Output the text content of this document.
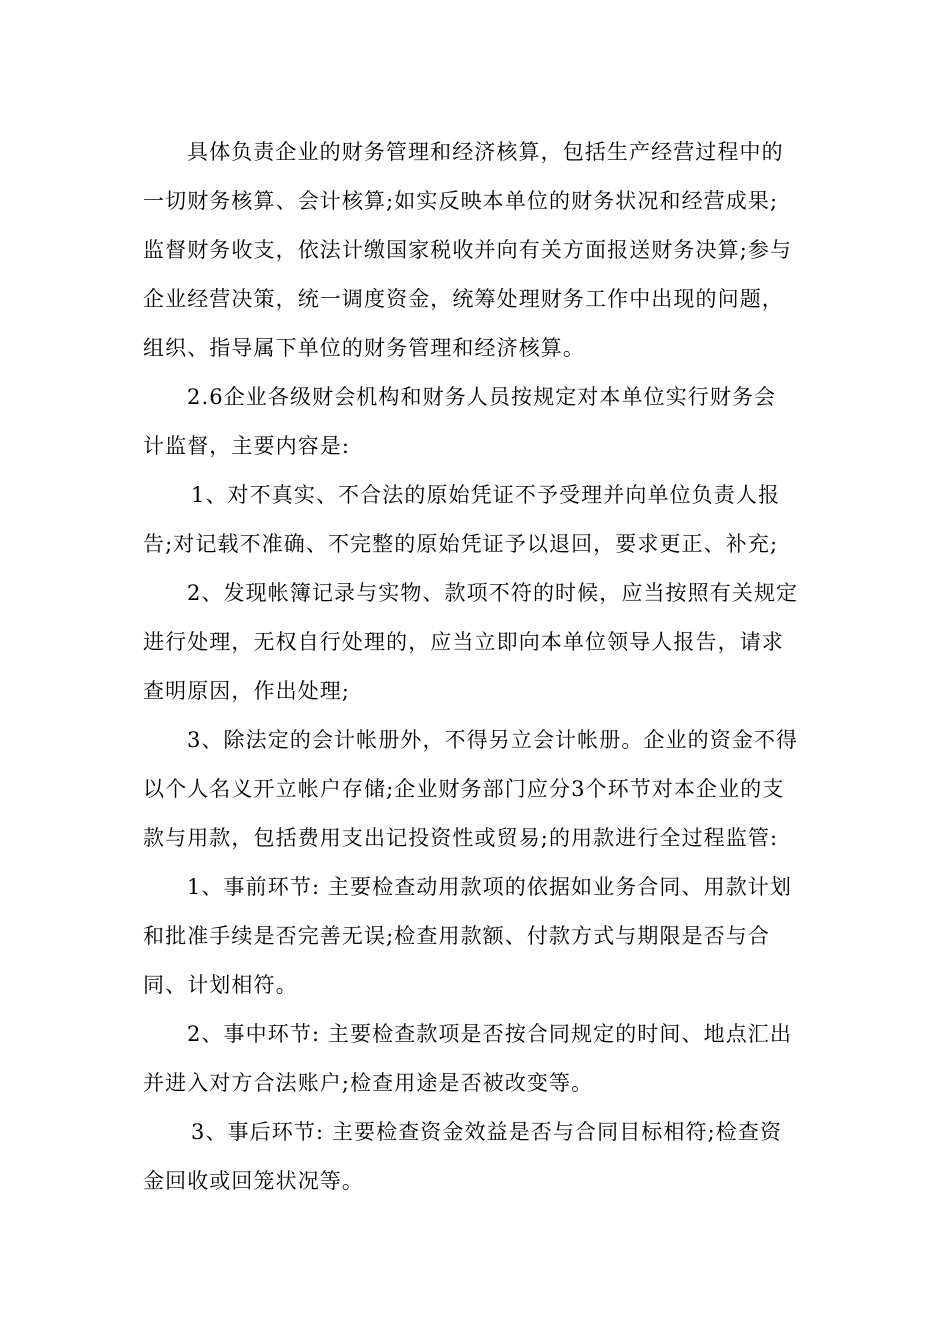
具体负责企业的财务管理和经济核算，包括生产经营过程中的
一切财务核算、会计核算;如实反映本单位的财务状况和经营成果;
监督财务收支，依法计缴国家税收并向有关方面报送财务决算;参与
企业经营决策，统一调度资金，统筹处理财务工作中出现的问题，
组织、指导属下单位的财务管理和经济核算。
2.6企业各级财会机构和财务人员按规定对本单位实行财务会
计监督，主要内容是:
1、对不真实、不合法的原始凭证不予受理并向单位负责人报
告;对记载不准确、不完整的原始凭证予以退回，要求更正、补充;
2、发现帐簿记录与实物、款项不符的时候，应当按照有关规定
进行处理，无权自行处理的，应当立即向本单位领导人报告，请求
查明原因，作出处理;
3、除法定的会计帐册外，不得另立会计帐册。企业的资金不得
以个人名义开立帐户存储;企业财务部门应分3个环节对本企业的支
款与用款，包括费用支出记投资性或贸易;的用款进行全过程监管:
1、事前环节: 主要检查动用款项的依据如业务合同、用款计划
和批准手续是否完善无误;检查用款额、付款方式与期限是否与合
同、计划相符。
2、事中环节: 主要检查款项是否按合同规定的时间、地点汇出
并进入对方合法账户;检查用途是否被改变等。
3、事后环节: 主要检查资金效益是否与合同目标相符;检查资
金回收或回笼状况等。
